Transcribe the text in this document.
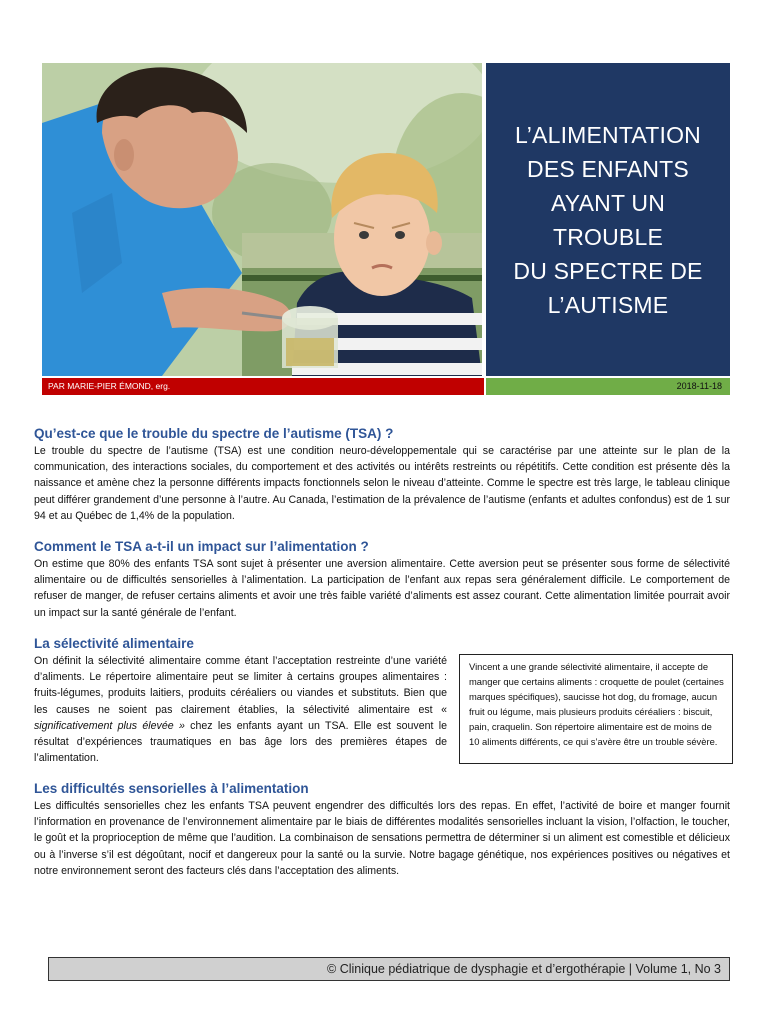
L’ALIMENTATION
DES ENFANTS
AYANT UN TROUBLE
DU SPECTRE DE
L’AUTISME
PAR MARIE-PIER ÉMOND, erg.	2018-11-18
Qu’est-ce que le trouble du spectre de l’autisme (TSA) ?

Le trouble du spectre de l’autisme (TSA) est une condition neuro-développementale qui se caractérise par une atteinte sur le plan de la communication, des interactions sociales, du comportement et des activités ou intérêts restreints ou répétitifs. Cette condition est présente dès la naissance et amène chez la personne différents impacts fonctionnels selon le niveau d’atteinte. Comme le spectre est très large, le tableau clinique peut différer grandement d’une personne à l’autre. Au Canada, l’estimation de la prévalence de l’autisme (enfants et adultes confondus) est de 1 sur 94 et au Québec de 1,4% de la population.

Comment le TSA a-t-il un impact sur l’alimentation ?

On estime que 80% des enfants TSA sont sujet à présenter une aversion alimentaire. Cette aversion peut se présenter sous forme de sélectivité alimentaire ou de difficultés sensorielles à l’alimentation. La participation de l’enfant aux repas sera généralement difficile. Le comportement de refuser de manger, de refuser certains aliments et avoir une très faible variété d’aliments est assez courant. Cette alimentation limitée pourrait avoir un impact sur la santé générale de l’enfant.

La sélectivité alimentaire

On définit la sélectivité alimentaire comme étant l’acceptation restreinte d’une variété d’aliments. Le répertoire alimentaire peut se limiter à certains groupes alimentaires : fruits-légumes, produits laitiers, produits céréaliers ou viandes et substituts. Bien que les causes ne soient pas clairement établies, la sélectivité alimentaire est « significativement plus élevée » chez les enfants ayant un TSA. Elle est souvent le résultat d’expériences traumatiques en bas âge lors des premières étapes de l’alimentation.

Vincent a une grande sélectivité alimentaire, il accepte de manger que certains aliments : croquette de poulet (certaines marques spécifiques), saucisse hot dog, du fromage, aucun fruit ou légume, mais plusieurs produits céréaliers : biscuit, pain, craquelin. Son répertoire alimentaire est de moins de 10 aliments différents, ce qui s’avère être un trouble sévère.
Les difficultés sensorielles à l’alimentation

Les difficultés sensorielles chez les enfants TSA peuvent engendrer des difficultés lors des repas. En effet, l’activité de boire et manger fournit l’information en provenance de l’environnement alimentaire par le biais de différentes modalités sensorielles incluant la vision, l’olfaction, le toucher, le goût et la proprioception de même que l’audition. La combinaison de sensations permettra de déterminer si un aliment est comestible et délicieux ou à l’inverse s’il est dégoûtant, nocif et dangereux pour la santé ou la survie. Notre bagage génétique, nos expériences positives ou négatives et notre environnement seront des facteurs clés dans l’acceptation des aliments.

© Clinique pédiatrique de dysphagie et d’ergothérapie | Volume 1, No 3
